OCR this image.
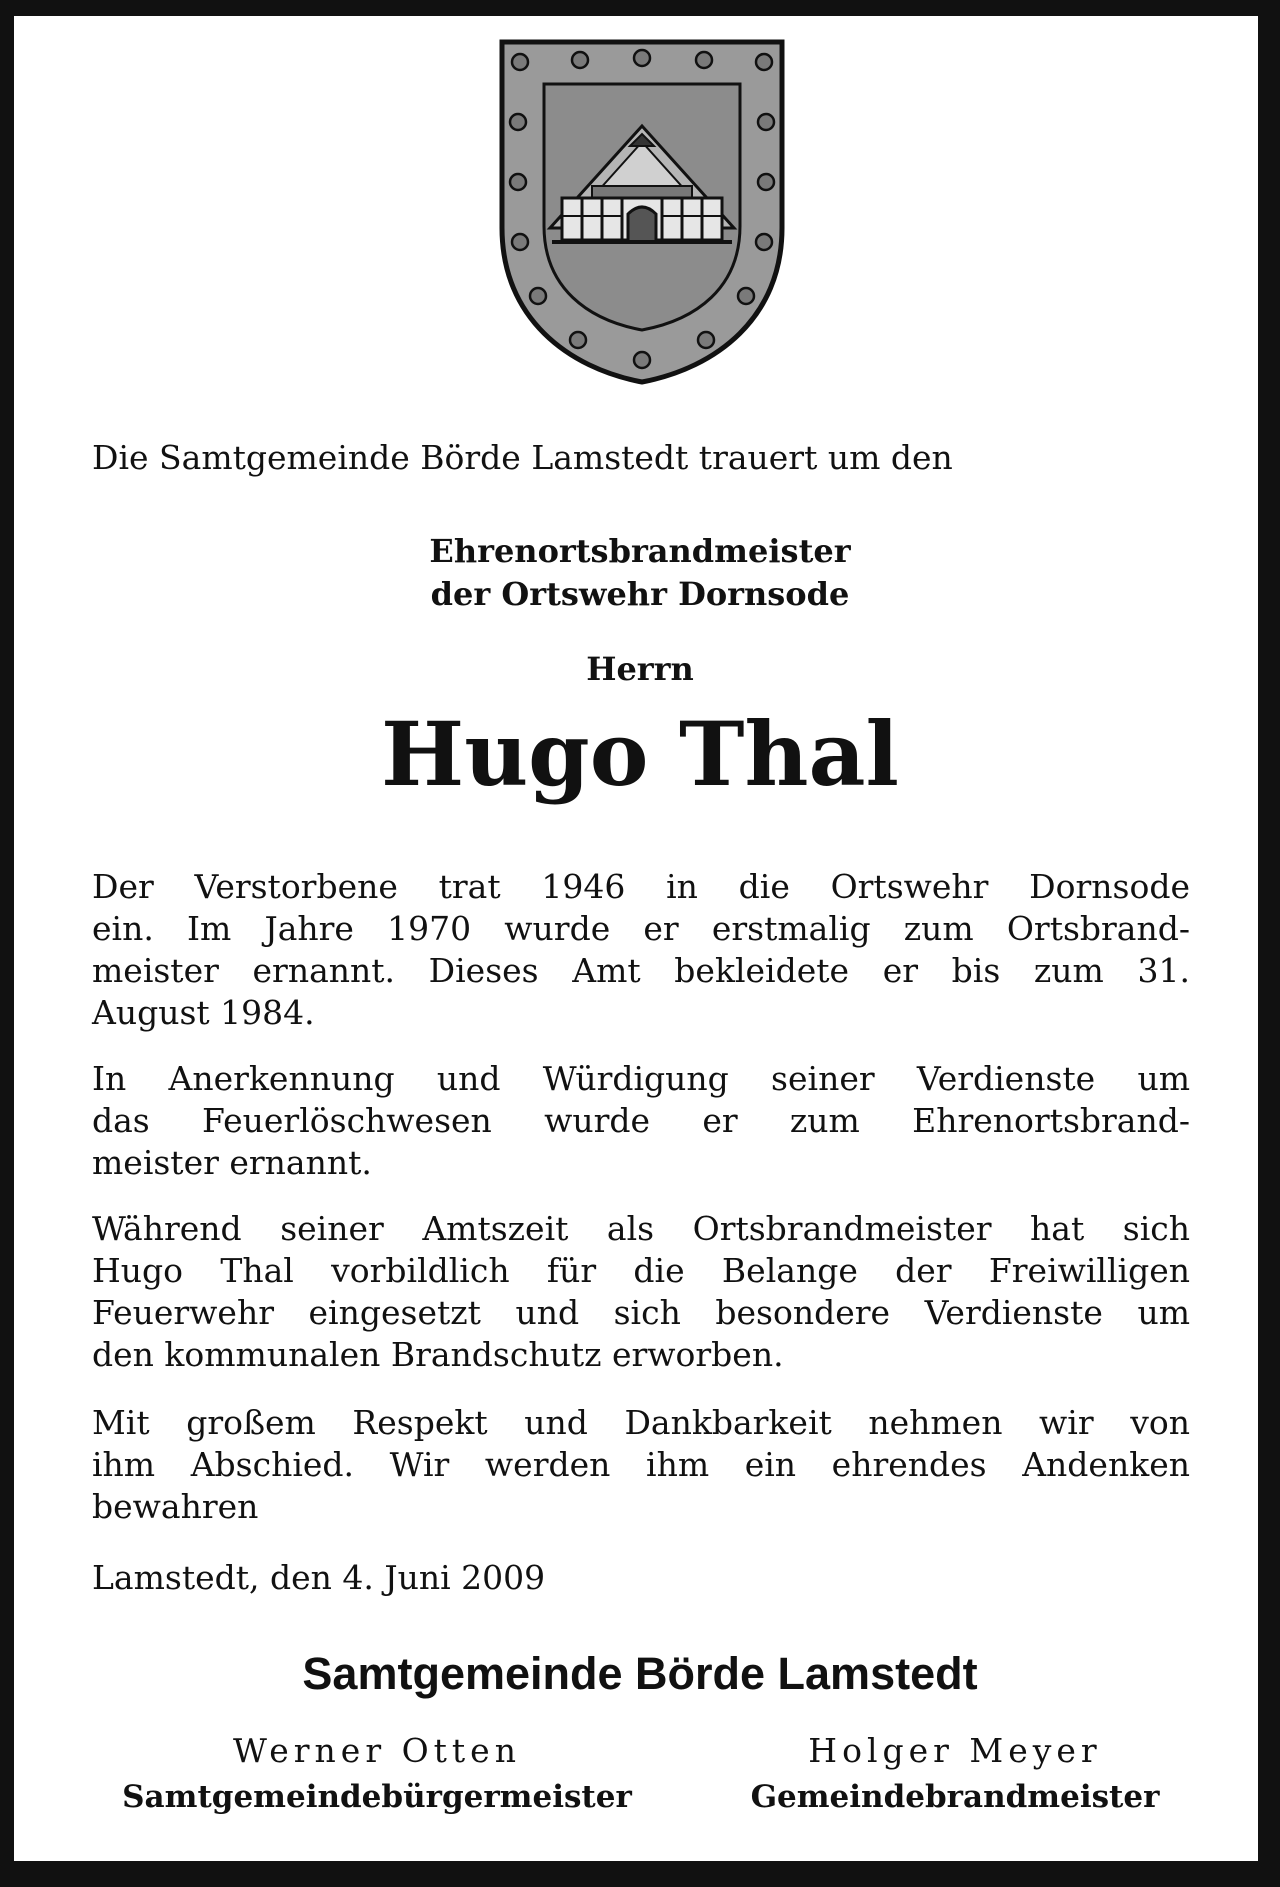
Die Samtgemeinde Börde Lamstedt trauert um den
Ehrenortsbrandmeister
der Ortswehr Dornsode
Herrn
Hugo Thal
Der Verstorbene trat 1946 in die Ortswehr Dornsode
ein. Im Jahre 1970 wurde er erstmalig zum Ortsbrand-
meister ernannt. Dieses Amt bekleidete er bis zum 31.
August 1984.
In Anerkennung und Würdigung seiner Verdienste um
das Feuerlöschwesen wurde er zum Ehrenortsbrand-
meister ernannt.
Während seiner Amtszeit als Ortsbrandmeister hat sich
Hugo Thal vorbildlich für die Belange der Freiwilligen
Feuerwehr eingesetzt und sich besondere Verdienste um
den kommunalen Brandschutz erworben.
Mit großem Respekt und Dankbarkeit nehmen wir von
ihm Abschied. Wir werden ihm ein ehrendes Andenken
bewahren
Lamstedt, den 4. Juni 2009
Samtgemeinde Börde Lamstedt
Werner Otten
Samtgemeindebürgermeister
Holger Meyer
Gemeindebrandmeister
